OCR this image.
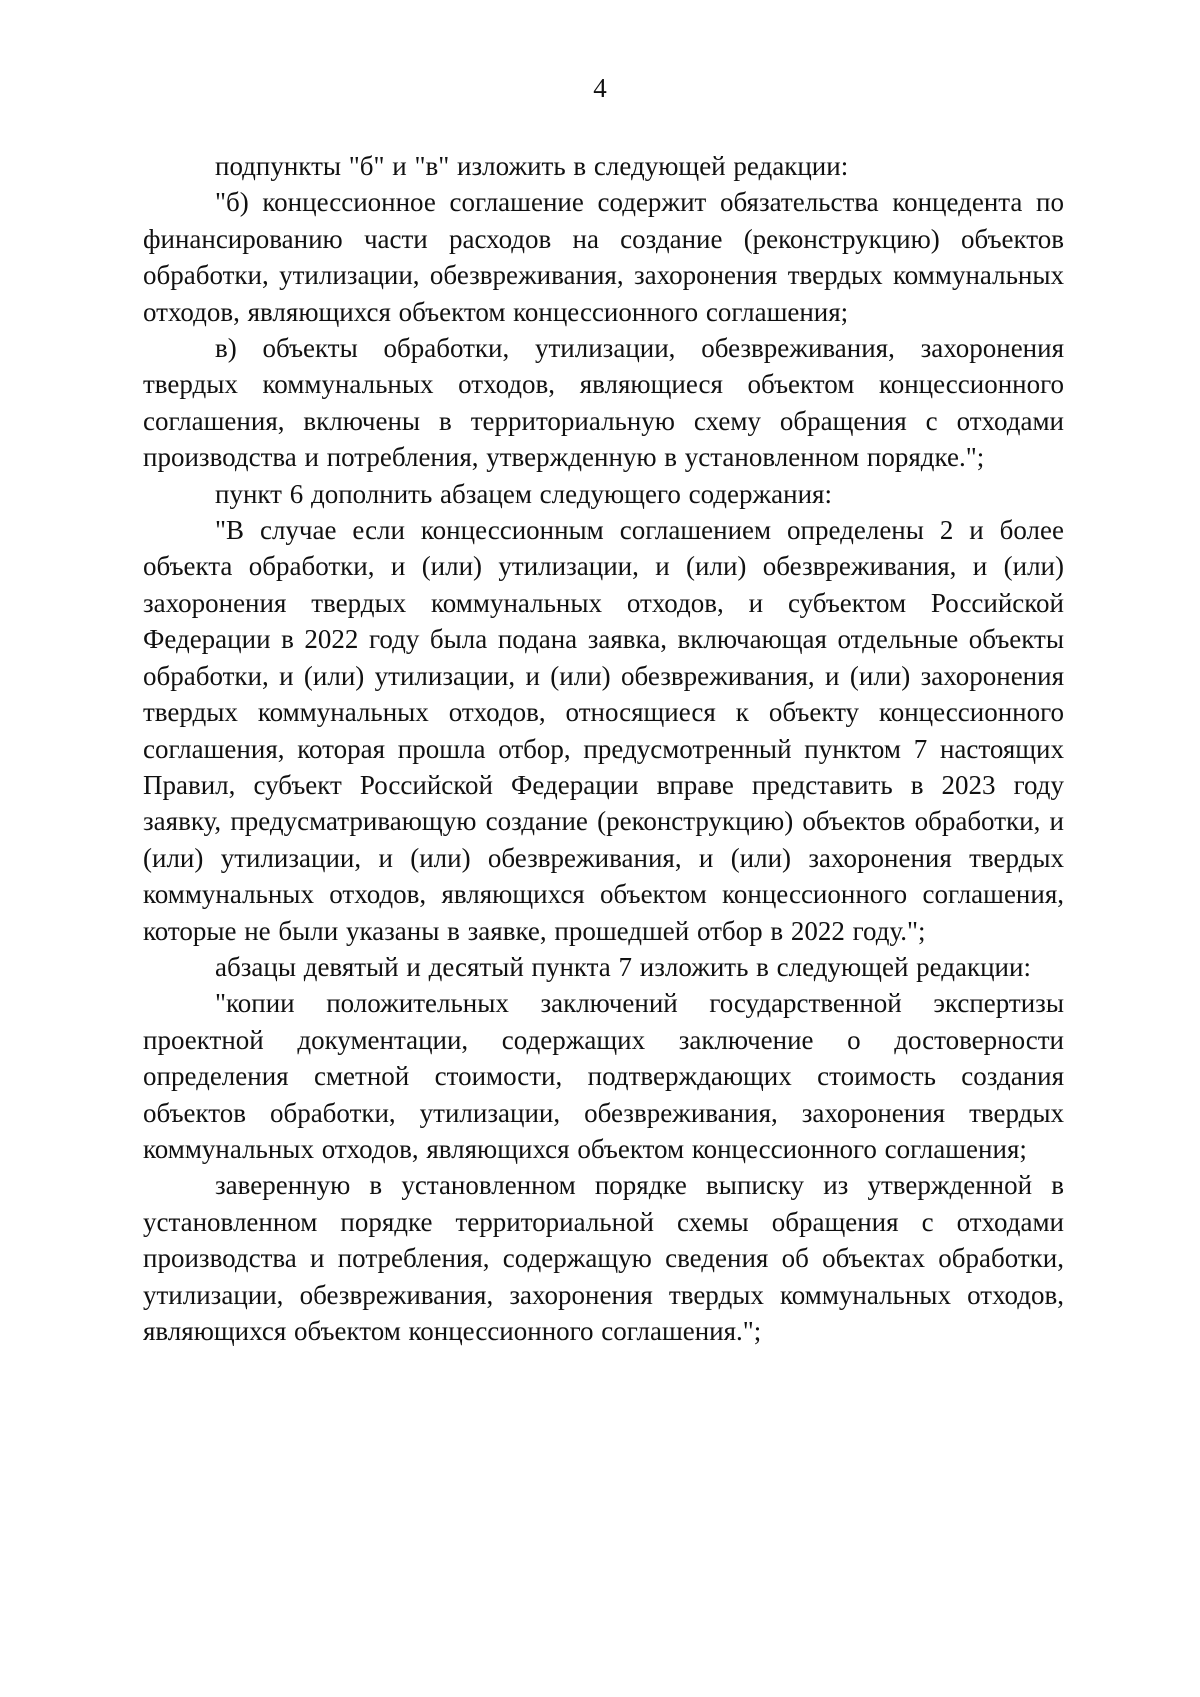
4

подпункты "б" и "в" изложить в следующей редакции:

"б) концессионное соглашение содержит обязательства концедента по финансированию части расходов на создание (реконструкцию) объектов обработки, утилизации, обезвреживания, захоронения твердых коммунальных отходов, являющихся объектом концессионного соглашения;

в) объекты обработки, утилизации, обезвреживания, захоронения твердых коммунальных отходов, являющиеся объектом концессионного соглашения, включены в территориальную схему обращения с отходами производства и потребления, утвержденную в установленном порядке.";

пункт 6 дополнить абзацем следующего содержания:

"В случае если концесcионным соглашением определены 2 и более объекта обработки, и (или) утилизации, и (или) обезвреживания, и (или) захоронения твердых коммунальных отходов, и субъектом Российской Федерации в 2022 году была подана заявка, включающая отдельные объекты обработки, и (или) утилизации, и (или) обезвреживания, и (или) захоронения твердых коммунальных отходов, относящиеся к объекту концессионного соглашения, которая прошла отбор, предусмотренный пунктом 7 настоящих Правил, субъект Российской Федерации вправе представить в 2023 году заявку, предусматривающую создание (реконструкцию) объектов обработки, и (или) утилизации, и (или) обезвреживания, и (или) захоронения твердых коммунальных отходов, являющихся объектом концессионного соглашения, которые не были указаны в заявке, прошедшей отбор в 2022 году.";

абзацы девятый и десятый пункта 7 изложить в следующей редакции:

"копии положительных заключений государственной экспертизы проектной документации, содержащих заключение о достоверности определения сметной стоимости, подтверждающих стоимость создания объектов обработки, утилизации, обезвреживания, захоронения твердых коммунальных отходов, являющихся объектом концессионного соглашения;

заверенную в установленном порядке выписку из утвержденной в установленном порядке территориальной схемы обращения с отходами производства и потребления, содержащую сведения об объектах обработки, утилизации, обезвреживания, захоронения твердых коммунальных отходов, являющихся объектом концессионного соглашения.";
